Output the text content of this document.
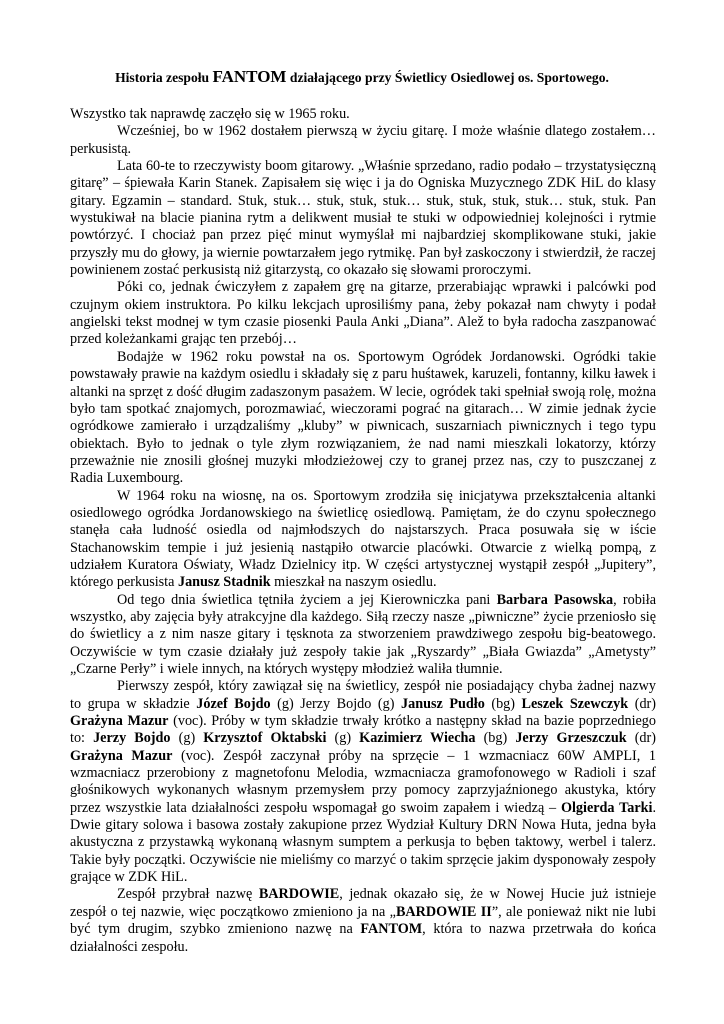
Historia zespołu FANTOM działającego przy Świetlicy Osiedlowej os. Sportowego.

Wszystko tak naprawdę zaczęło się w 1965 roku.

Wcześniej, bo w 1962 dostałem pierwszą w życiu gitarę. I może właśnie dlatego zostałem… perkusistą.

Lata 60-te to rzeczywisty boom gitarowy. „Właśnie sprzedano, radio podało – trzystatysięczną gitarę” – śpiewała Karin Stanek. Zapisałem się więc i ja do Ogniska Muzycznego ZDK HiL do klasy gitary. Egzamin – standard. Stuk, stuk… stuk, stuk, stuk… stuk, stuk, stuk, stuk… stuk, stuk. Pan wystukiwał na blacie pianina rytm a delikwent musiał te stuki w odpowiedniej kolejności i rytmie powtórzyć. I chociaż pan przez pięć minut wymyślał mi najbardziej skomplikowane stuki, jakie przyszły mu do głowy, ja wiernie powtarzałem jego rytmikę. Pan był zaskoczony i stwierdził, że raczej powinienem zostać perkusistą niż gitarzystą, co okazało się słowami proroczymi.

Póki co, jednak ćwiczyłem z zapałem grę na gitarze, przerabiając wprawki i palcówki pod czujnym okiem instruktora. Po kilku lekcjach uprosiliśmy pana, żeby pokazał nam chwyty i podał angielski tekst modnej w tym czasie piosenki Paula Anki „Diana”. Alež to była radocha zaszpanować przed koleżankami grając ten przebój…

Bodajże w 1962 roku powstał na os. Sportowym Ogródek Jordanowski. Ogródki takie powstawały prawie na każdym osiedlu i składały się z paru huśtawek, karuzeli, fontanny, kilku ławek i altanki na sprzęt z dość długim zadaszonym pasażem. W lecie, ogródek taki spełniał swoją rolę, można było tam spotkać znajomych, porozmawiać, wieczorami pograć na gitarach… W zimie jednak życie ogródkowe zamierało i urządzaliśmy „kluby” w piwnicach, suszarniach piwnicznych i tego typu obiektach. Było to jednak o tyle złym rozwiązaniem, że nad nami mieszkali lokatorzy, którzy przeważnie nie znosili głośnej muzyki młodzieżowej czy to granej przez nas, czy to puszczanej z Radia Luxembourg.

W 1964 roku na wiosnę, na os. Sportowym zrodziła się inicjatywa przekształcenia altanki osiedlowego ogródka Jordanowskiego na świetlicę osiedlową. Pamiętam, że do czynu społecznego stanęła cała ludność osiedla od najmłodszych do najstarszych. Praca posuwała się w iście Stachanowskim tempie i już jesienią nastąpiło otwarcie placówki. Otwarcie z wielką pompą, z udziałem Kuratora Oświaty, Władz Dzielnicy itp. W części artystycznej wystąpił zespół „Jupitery”, którego perkusista Janusz Stadnik mieszkał na naszym osiedlu.

Od tego dnia świetlica tętniła życiem a jej Kierowniczka pani Barbara Pasowska, robiła wszystko, aby zajęcia były atrakcyjne dla każdego. Siłą rzeczy nasze „piwniczne” życie przeniosło się do świetlicy a z nim nasze gitary i tęsknota za stworzeniem prawdziwego zespołu big-beatowego. Oczywiście w tym czasie działały już zespoły takie jak „Ryszardy” „Biała Gwiazda” „Ametysty” „Czarne Perły” i wiele innych, na których występy młodzież waliła tłumnie.

Pierwszy zespół, który zawiązał się na świetlicy, zespół nie posiadający chyba żadnej nazwy to grupa w składzie Józef Bojdo (g) Jerzy Bojdo (g) Janusz Pudło (bg) Leszek Szewczyk (dr) Grażyna Mazur (voc). Próby w tym składzie trwały krótko a następny skład na bazie poprzedniego to: Jerzy Bojdo (g) Krzysztof Oktabski (g) Kazimierz Wiecha (bg) Jerzy Grzeszczuk (dr) Grażyna Mazur (voc). Zespół zaczynał próby na sprzęcie – 1 wzmacniacz 60W AMPLI, 1 wzmacniacz przerobiony z magnetofonu Melodia, wzmacniacza gramofonowego w Radioli i szaf głośnikowych wykonanych własnym przemysłem przy pomocy zaprzyjaźnionego akustyka, który przez wszystkie lata działalności zespołu wspomagał go swoim zapałem i wiedzą – Olgierda Tarki. Dwie gitary solowa i basowa zostały zakupione przez Wydział Kultury DRN Nowa Huta, jedna była akustyczna z przystawką wykonaną własnym sumptem a perkusja to bęben taktowy, werbel i talerz. Takie były początki. Oczywiście nie mieliśmy co marzyć o takim sprzęcie jakim dysponowały zespoły grające w ZDK HiL.

Zespół przybrał nazwę BARDOWIE, jednak okazało się, że w Nowej Hucie już istnieje zespół o tej nazwie, więc początkowo zmieniono ja na „BARDOWIE II”, ale ponieważ nikt nie lubi być tym drugim, szybko zmieniono nazwę na FANTOM, która to nazwa przetrwała do końca działalności zespołu.
